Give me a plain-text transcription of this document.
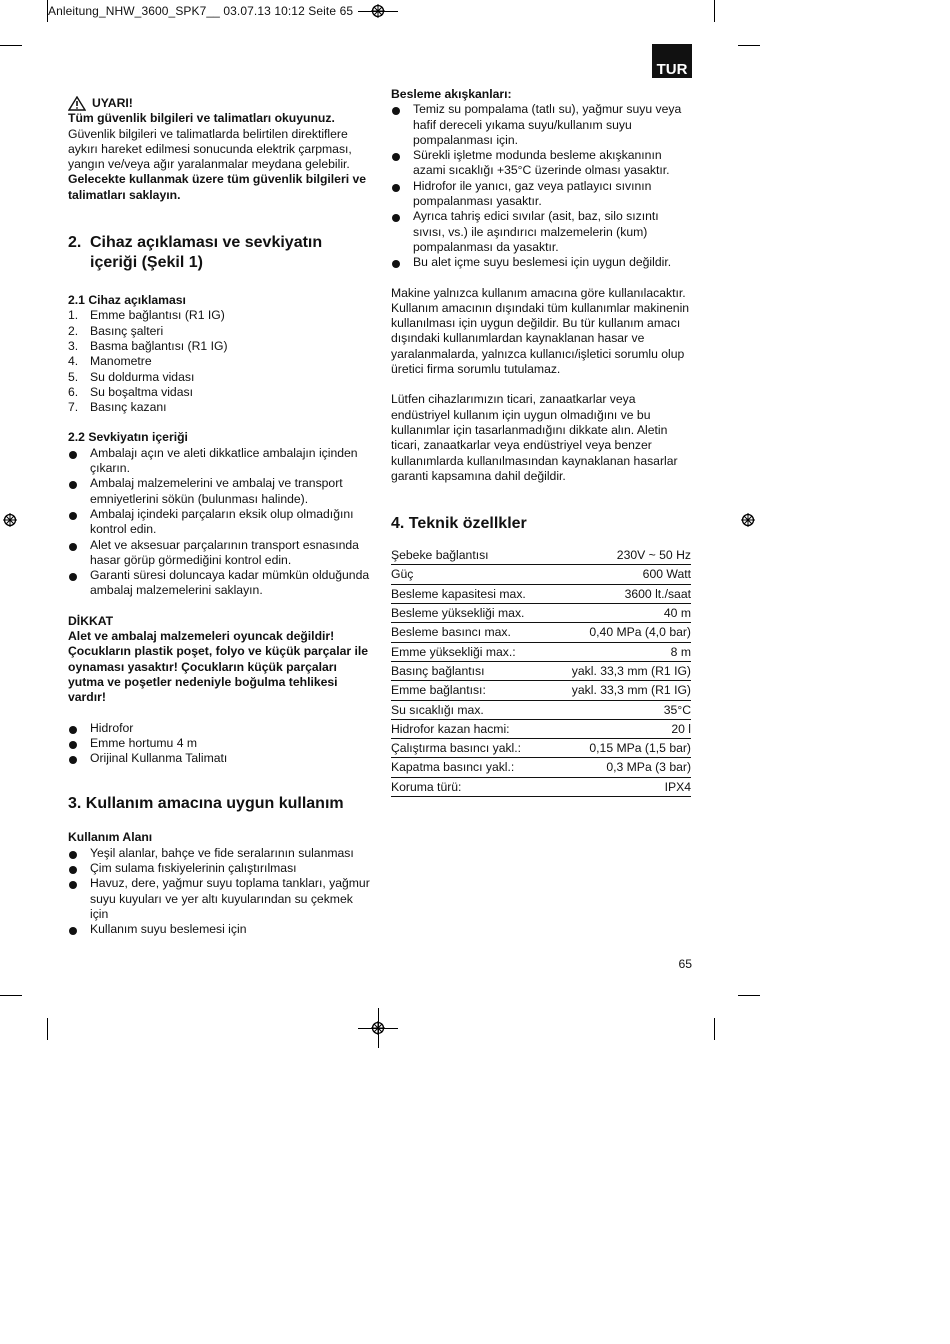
Anleitung_NHW_3600_SPK7__ 03.07.13 10:12 Seite 65
TUR

UYARI!

Tüm güvenlik bilgileri ve talimatları okuyunuz.

Güvenlik bilgileri ve talimatlarda belirtilen direktiflere aykırı hareket edilmesi sonucunda elektrik çarpması, yangın ve/veya ağır yaralanmalar meydana gelebilir.

Gelecekte kullanmak üzere tüm güvenlik bilgileri ve talimatları saklayın.

2. Cihaz açıklaması ve sevkiyatın içeriği (Şekil 1)

2.1 Cihaz açıklaması

1. Emme bağlantısı (R1 IG)
2. Basınç şalteri
3. Basma bağlantısı (R1 IG)
4. Manometre
5. Su doldurma vidası
6. Su boşaltma vidası
7. Basınç kazanı

2.2 Sevkiyatın içeriği

Ambalajı açın ve aleti dikkatlice ambalajın içinden çıkarın.
Ambalaj malzemelerini ve ambalaj ve transport emniyetlerini sökün (bulunması halinde).
Ambalaj içindeki parçaların eksik olup olmadığını kontrol edin.
Alet ve aksesuar parçalarının transport esnasında hasar görüp görmediğini kontrol edin.
Garanti süresi doluncaya kadar mümkün olduğunda ambalaj malzemelerini saklayın.

DİKKAT

Alet ve ambalaj malzemeleri oyuncak değildir! Çocukların plastik poşet, folyo ve küçük parçalar ile oynaması yasaktır! Çocukların küçük parçaları yutma ve poşetler nedeniyle boğulma tehlikesi vardır!

Hidrofor
Emme hortumu 4 m
Orijinal Kullanma Talimatı
3. Kullanım amacına uygun kullanım

Kullanım Alanı

Yeşil alanlar, bahçe ve fide seralarının sulanması
Çim sulama fıskiyelerinin çalıştırılması
Havuz, dere, yağmur suyu toplama tankları, yağmur suyu kuyuları ve yer altı kuyularından su çekmek için
Kullanım suyu beslemesi için

Besleme akışkanları:

Temiz su pompalama (tatlı su), yağmur suyu veya hafif dereceli yıkama suyu/kullanım suyu pompalanması için.
Sürekli işletme modunda besleme akışkanının azami sıcaklığı +35°C üzerinde olması yasaktır.
Hidrofor ile yanıcı, gaz veya patlayıcı sıvının pompalanması yasaktır.
Ayrıca tahriş edici sıvılar (asit, baz, silo sızıntı sıvısı, vs.) ile aşındırıcı malzemelerin (kum) pompalanması da yasaktır.
Bu alet içme suyu beslemesi için uygun değildir.

Makine yalnızca kullanım amacına göre kullanılacaktır. Kullanım amacının dışındaki tüm kullanımlar makinenin kullanılması için uygun değildir. Bu tür kullanım amacı dışındaki kullanımlardan kaynaklanan hasar ve yaralanmalarda, yalnızca kullanıcı/işletici sorumlu olup üretici firma sorumlu tutulamaz.

Lütfen cihazlarımızın ticari, zanaatkarlar veya endüstriyel kullanım için uygun olmadığını ve bu kullanımlar için tasarlanmadığını dikkate alın. Aletin ticari, zanaatkarlar veya endüstriyel veya benzer kullanımlarda kullanılmasından kaynaklanan hasarlar garanti kapsamına dahil değildir.

4. Teknik özellkler
Şebeke bağlantısı	230V ~ 50 Hz
Güç	600 Watt
Besleme kapasitesi max.	3600 lt./saat
Besleme yüksekliği max.	40 m
Besleme basıncı max.	0,40 MPa (4,0 bar)
Emme yüksekliği max.:	8 m
Basınç bağlantısı	yakl. 33,3 mm (R1 IG)
Emme bağlantısı:	yakl. 33,3 mm (R1 IG)
Su sıcaklığı max.	35°C
Hidrofor kazan hacmi:	20 l
Çalıştırma basıncı yakl.:	0,15 MPa (1,5 bar)
Kapatma basıncı yakl.:	0,3 MPa (3 bar)
Koruma türü:	IPX4
65
